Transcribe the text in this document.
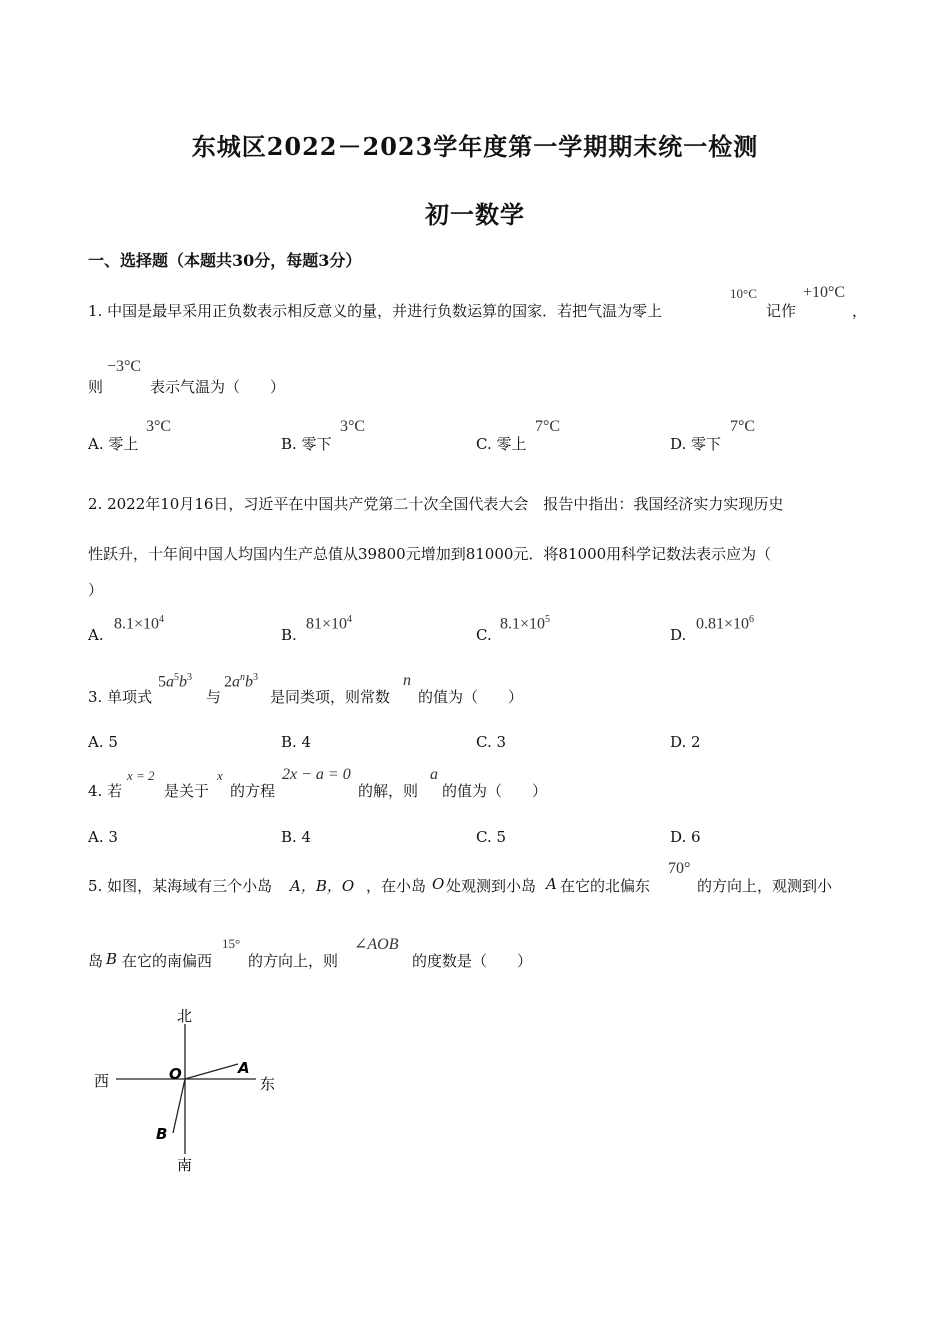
东城区2022－2023学年度第一学期期末统一检测
初一数学
一、选择题（本题共30分，每题3分）
1. 中国是最早采用正负数表示相反意义的量，并进行负数运算的国家．若把气温为零上
10°C
记作
+10°C
，
−3°C
则	表示气温为（　　）
A. 零上
3°C
B. 零下
3°C
C. 零上
7°C
D. 零下
7°C
2. 2022年10月16日，习近平在中国共产党第二十次全国代表大会　报告中指出：我国经济实力实现历史
性跃升，十年间中国人均国内生产总值从39800元增加到81000元．将81000用科学记数法表示应为（
）
A.
$8.1\times 10^4$
B.
$81\times 10^4$
C.
$8.1\times 10^5$
D.
$0.81\times 10^6$
3. 单项式
$5a^5b^3$
与
$2a^nb^3$
是同类项，则常数
n
的值为（　　）
A. 5	B. 4	C. 3	D. 2
4. 若
x = 2
是关于
x
的方程
2x − a = 0
的解，则
a
的值为（　　）
A. 3	B. 4	C. 5	D. 6
5. 如图，某海域有三个小岛 A，B，O ，在小岛 O 处观测到小岛 A 在它的北偏东
70°
的方向上，观测到小
岛 B 在它的南偏西
15°
的方向上，则
∠AOB
的度数是（　　）
北
南
西	东
O	A
B
